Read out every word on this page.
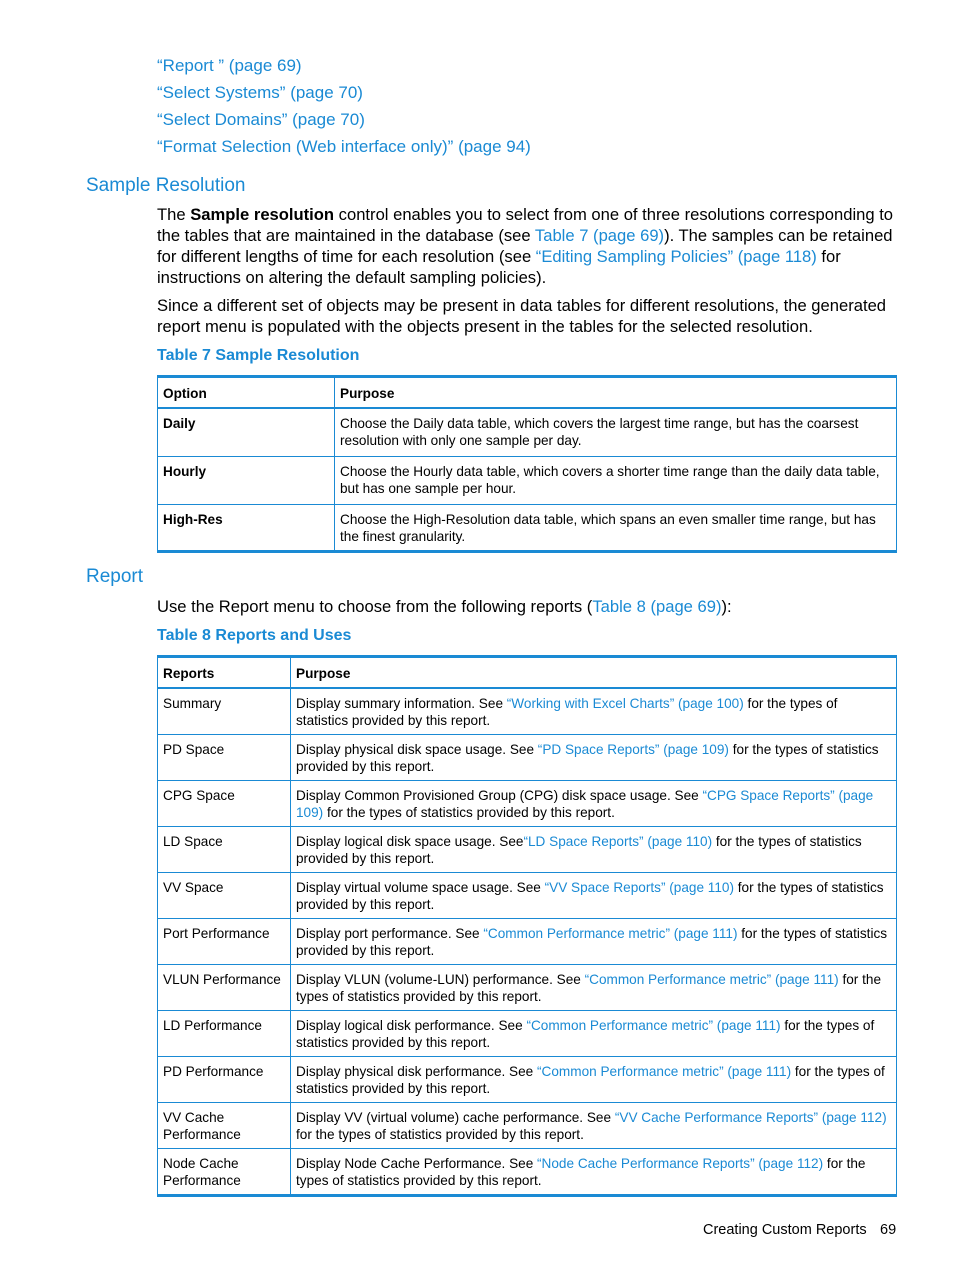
“Report ” (page 69)
“Select Systems” (page 70)
“Select Domains” (page 70)
“Format Selection (Web interface only)” (page 94)
Sample Resolution

The Sample resolution control enables you to select from one of three resolutions corresponding to the tables that are maintained in the database (see Table 7 (page 69)). The samples can be retained for different lengths of time for each resolution (see “Editing Sampling Policies” (page 118) for instructions on altering the default sampling policies).

Since a different set of objects may be present in data tables for different resolutions, the generated report menu is populated with the objects present in the tables for the selected resolution.

Table 7 Sample Resolution
Option	Purpose
Daily	Choose the Daily data table, which covers the largest time range, but has the coarsest resolution with only one sample per day.
Hourly	Choose the Hourly data table, which covers a shorter time range than the daily data table, but has one sample per hour.
High-Res	Choose the High-Resolution data table, which spans an even smaller time range, but has the finest granularity.
Report

Use the Report menu to choose from the following reports (Table 8 (page 69)):

Table 8 Reports and Uses
Reports	Purpose
Summary	Display summary information. See “Working with Excel Charts” (page 100) for the types of statistics provided by this report.
PD Space	Display physical disk space usage. See “PD Space Reports” (page 109) for the types of statistics provided by this report.
CPG Space	Display Common Provisioned Group (CPG) disk space usage. See “CPG Space Reports” (page 109) for the types of statistics provided by this report.
LD Space	Display logical disk space usage. See“LD Space Reports” (page 110) for the types of statistics provided by this report.
VV Space	Display virtual volume space usage. See “VV Space Reports” (page 110) for the types of statistics provided by this report.
Port Performance	Display port performance. See “Common Performance metric” (page 111) for the types of statistics provided by this report.
VLUN Performance	Display VLUN (volume-LUN) performance. See “Common Performance metric” (page 111) for the types of statistics provided by this report.
LD Performance	Display logical disk performance. See “Common Performance metric” (page 111) for the types of statistics provided by this report.
PD Performance	Display physical disk performance. See “Common Performance metric” (page 111) for the types of statistics provided by this report.
VV Cache Performance	Display VV (virtual volume) cache performance. See “VV Cache Performance Reports” (page 112) for the types of statistics provided by this report.
Node Cache Performance	Display Node Cache Performance. See “Node Cache Performance Reports” (page 112) for the types of statistics provided by this report.
Creating Custom Reports 69
